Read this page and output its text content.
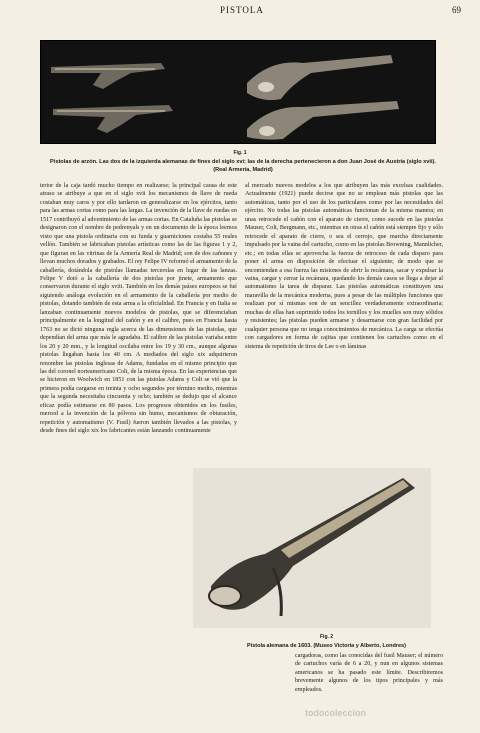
PISTOLA	69
Fig. 1
Pistolas de arzón. Las dos de la izquierda alemanas de fines del siglo xvi; las de la derecha pertenecieron a don Juan José de Austria (siglo xvii). (Real Armería, Madrid)
terior de la caja tardó mucho tiempo en realizarse; la principal causa de este atraso se atribuye a que en el siglo xvii los mecanismos de llave de rueda costaban muy caros y por ello tardaron en generalizarse en los ejércitos, tanto para las armas cortas como para las largas. La invención de la llave de ruedas en 1517 contribuyó al advenimiento de las armas cortas. En Cataluña las pistolas se designaron con el nombre de pedrenyals y en un documento de la época leemos visto que una pistola ordinaria con su funda y guarniciones costaba 55 reales vellón. También se fabricaban pistolas artísticas como las de las figuras 1 y 2, que figuran en las vitrinas de la Armería Real de Madrid; son de dos cañones y llevan muchos dorados y grabados. El rey Felipe IV reformó el armamento de la caballería, dotándola de pistolas llamadas tercerolas en lugar de las lanzas. Felipe V dotó a la caballería de dos pistolas por jinete, armamento que conservaron durante el siglo xviii. También en los demás países europeos se fué siguiendo análoga evolución en el armamento de la caballería por medio de pistolas, dotando también de esta arma a la oficialidad. En Francia y en Italia se lanzaban continuamente nuevos modelos de pistolas, que se diferenciaban principalmente en la longitud del cañón y en el calibre, pues en Francia hasta 1763 no se dictó ninguna regla acerca de las dimensiones de las pistolas, que dependían del arma que más le agradaba. El calibre de las pistolas variaba entre los 20 y 20 mm., y la longitud oscilaba entre los 19 y 30 cm., aunque algunas pistolas llegaban hasta los 40 cm. A mediados del siglo xix adquirieron renombre las pistolas inglesas de Adams, fundadas en el mismo principio que las del coronel norteamericano Colt, de la misma época. En las experiencias que se hicieron en Woolwich en 1851 con las pistolas Adams y Colt se vió que la primera podía cargarse en treinta y ocho segundos por término medio, mientras que la segunda necesitaba cincuenta y ocho; también se dedujo que el alcance eficaz podía estimarse en 80 pasos. Los progresos obtenidos en los fusiles, merced a la invención de la pólvora sin humo, mecanismos de obturación, repetición y automatismo (V. Fusil) fueron también llevados a las pistolas, y desde fines del siglo xix los fabricantes están lanzando continuamente
al mercado nuevos modelos a los que atribuyen las más excelsas cualidades. Actualmente (1921) puede decirse que no se emplean más pistolas que las automáticas, tanto por el uso de los particulares como por las necesidades del ejército. No todas las pistolas automáticas funcionan de la misma manera; en unas retrocede el cañón con el aparato de cierre, como sucede en las pistolas Mauser, Colt, Bergmann, etc., mientras en otras el cañón está siempre fijo y sólo retrocede el aparato de cierre, o sea el cerrojo, que marcha directamente impulsado por la vaina del cartucho, como en las pistolas Browning, Mannlicher, etc.; en todas ellas se aprovecha la fuerza de retroceso de cada disparo para poner el arma en disposición de efectuar el siguiente; de modo que se encomiendan a esa fuerza las misiones de abrir la recámara, sacar y expulsar la vaina, cargar y cerrar la recámara, quedando los demás casos se llega a dejar al automatismo la tarea de disparar. Las pistolas automáticas constituyen una maravilla de la mecánica moderna, pues a pesar de las múltiples funciones que realizan por sí mismas son de un sencillez verdaderamente extraordinaria; muchas de ellas han suprimido todos los tornillos y los muelles son muy sólidos y resistentes; las pistolas pueden armarse y desarmarse con gran facilidad por cualquier persona que no tenga conocimientos de mecánica. La carga se efectúa con cargadores en forma de cajitas que contienen los cartuchos como en el sistema de repetición de tiros de Lee o en láminas
Fig. 2
Pistola alemana de 1603. (Museo Victoria y Alberto, Londres)
cargadoras, como las conocidas del fusil Mauser; el número de cartuchos varía de 6 a 20, y nun en algunos sistemas americanos se ha pasado este límite. Describiremos brevemente algunos de los tipos principales y más empleados.
todocoleccion
